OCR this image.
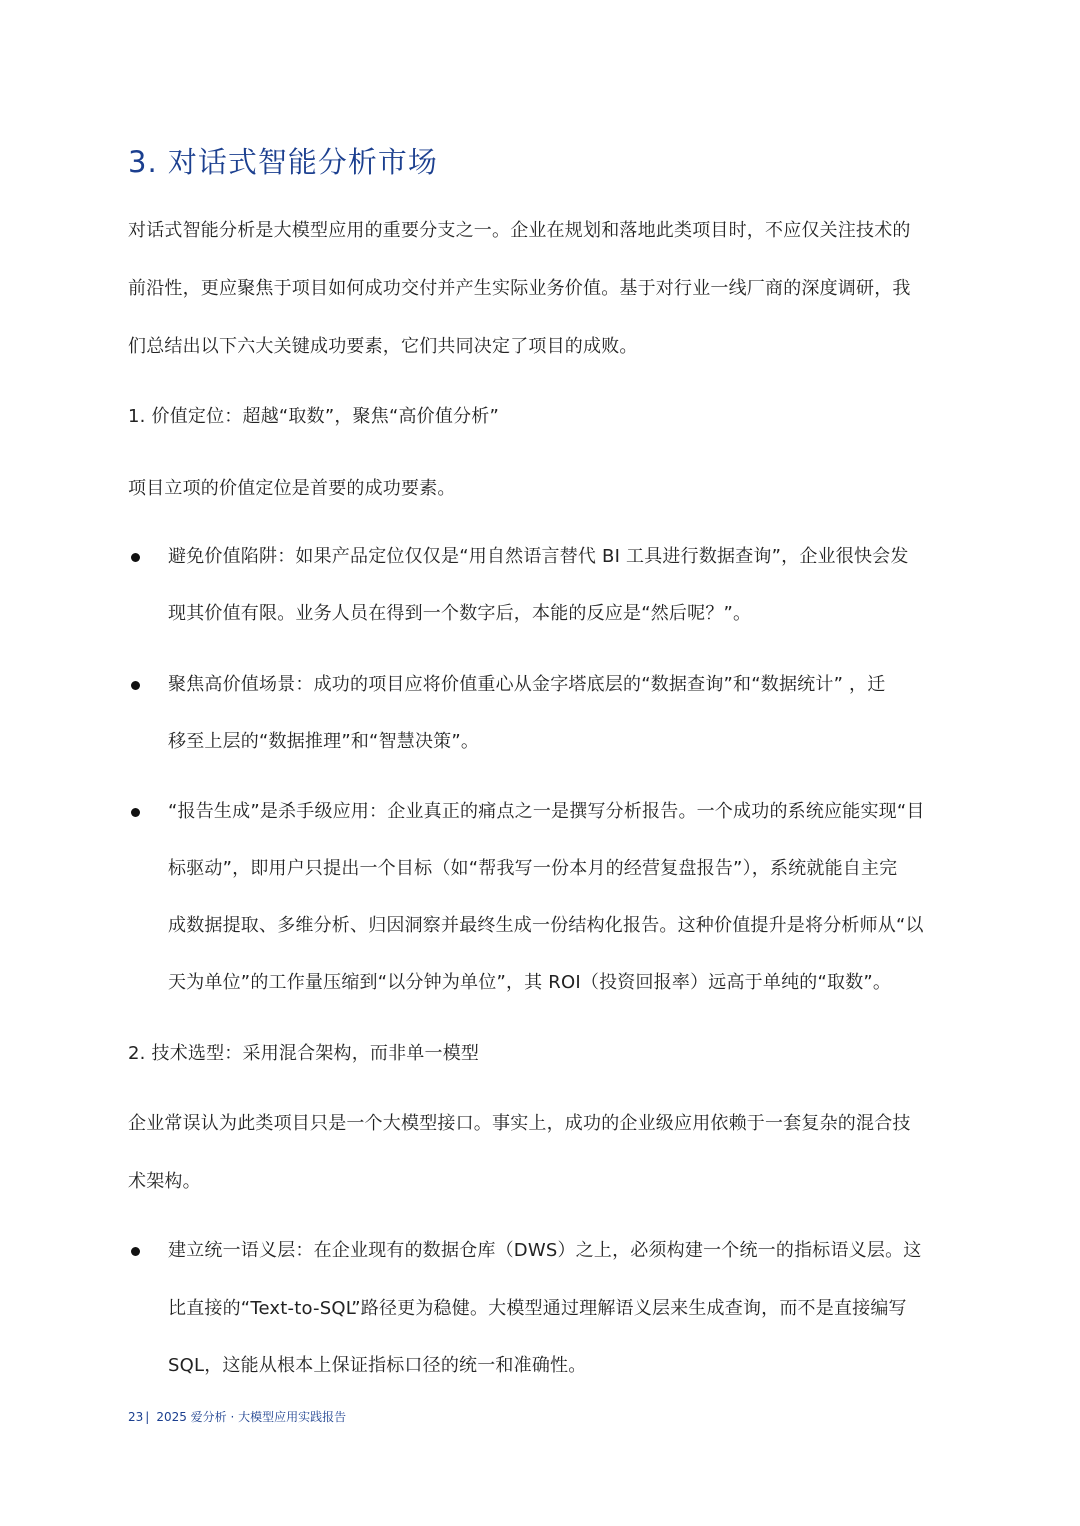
3. 对话式智能分析市场
对话式智能分析是大模型应用的重要分支之一。企业在规划和落地此类项目时，不应仅关注技术的
前沿性，更应聚焦于项目如何成功交付并产生实际业务价值。基于对行业一线厂商的深度调研，我
们总结出以下六大关键成功要素，它们共同决定了项目的成败。
1. 价值定位：超越“取数”，聚焦“高价值分析”
项目立项的价值定位是首要的成功要素。
避免价值陷阱：如果产品定位仅仅是“用自然语言替代 BI 工具进行数据查询”，企业很快会发
现其价值有限。业务人员在得到一个数字后，本能的反应是“然后呢？”。
聚焦高价值场景：成功的项目应将价值重心从金字塔底层的“数据查询”和“数据统计” ，迁
移至上层的“数据推理”和“智慧决策”。
“报告生成”是杀手级应用：企业真正的痛点之一是撰写分析报告。一个成功的系统应能实现“目
标驱动”，即用户只提出一个目标（如“帮我写一份本月的经营复盘报告”），系统就能自主完
成数据提取、多维分析、归因洞察并最终生成一份结构化报告。这种价值提升是将分析师从“以
天为单位”的工作量压缩到“以分钟为单位”，其 ROI（投资回报率）远高于单纯的“取数”。
2. 技术选型：采用混合架构，而非单一模型
企业常误认为此类项目只是一个大模型接口。事实上，成功的企业级应用依赖于一套复杂的混合技
术架构。
建立统一语义层：在企业现有的数据仓库（DWS）之上，必须构建一个统一的指标语义层。这
比直接的“Text-to-SQL”路径更为稳健。大模型通过理解语义层来生成查询，而不是直接编写
SQL，这能从根本上保证指标口径的统一和准确性。
23 | 2025 爱分析 · 大模型应用实践报告
